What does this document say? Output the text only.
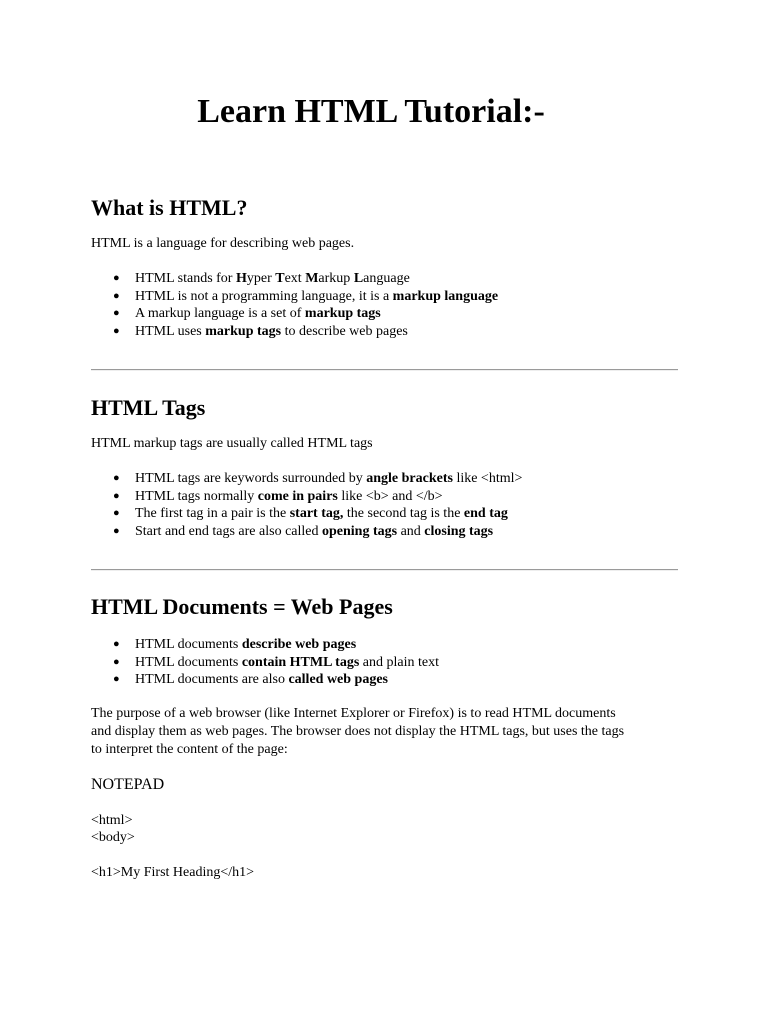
Learn HTML Tutorial:-
What is HTML?

HTML is a language for describing web pages.

● HTML stands for Hyper Text Markup Language
● HTML is not a programming language, it is a markup language
● A markup language is a set of markup tags
● HTML uses markup tags to describe web pages
HTML Tags

HTML markup tags are usually called HTML tags

● HTML tags are keywords surrounded by angle brackets like <html>
● HTML tags normally come in pairs like <b> and </b>
● The first tag in a pair is the start tag, the second tag is the end tag
● Start and end tags are also called opening tags and closing tags
HTML Documents = Web Pages
● HTML documents describe web pages
● HTML documents contain HTML tags and plain text
● HTML documents are also called web pages

The purpose of a web browser (like Internet Explorer or Firefox) is to read HTML documents
and display them as web pages. The browser does not display the HTML tags, but uses the tags
to interpret the content of the page:

NOTEPAD

<html>

<body>

<h1>My First Heading</h1>
